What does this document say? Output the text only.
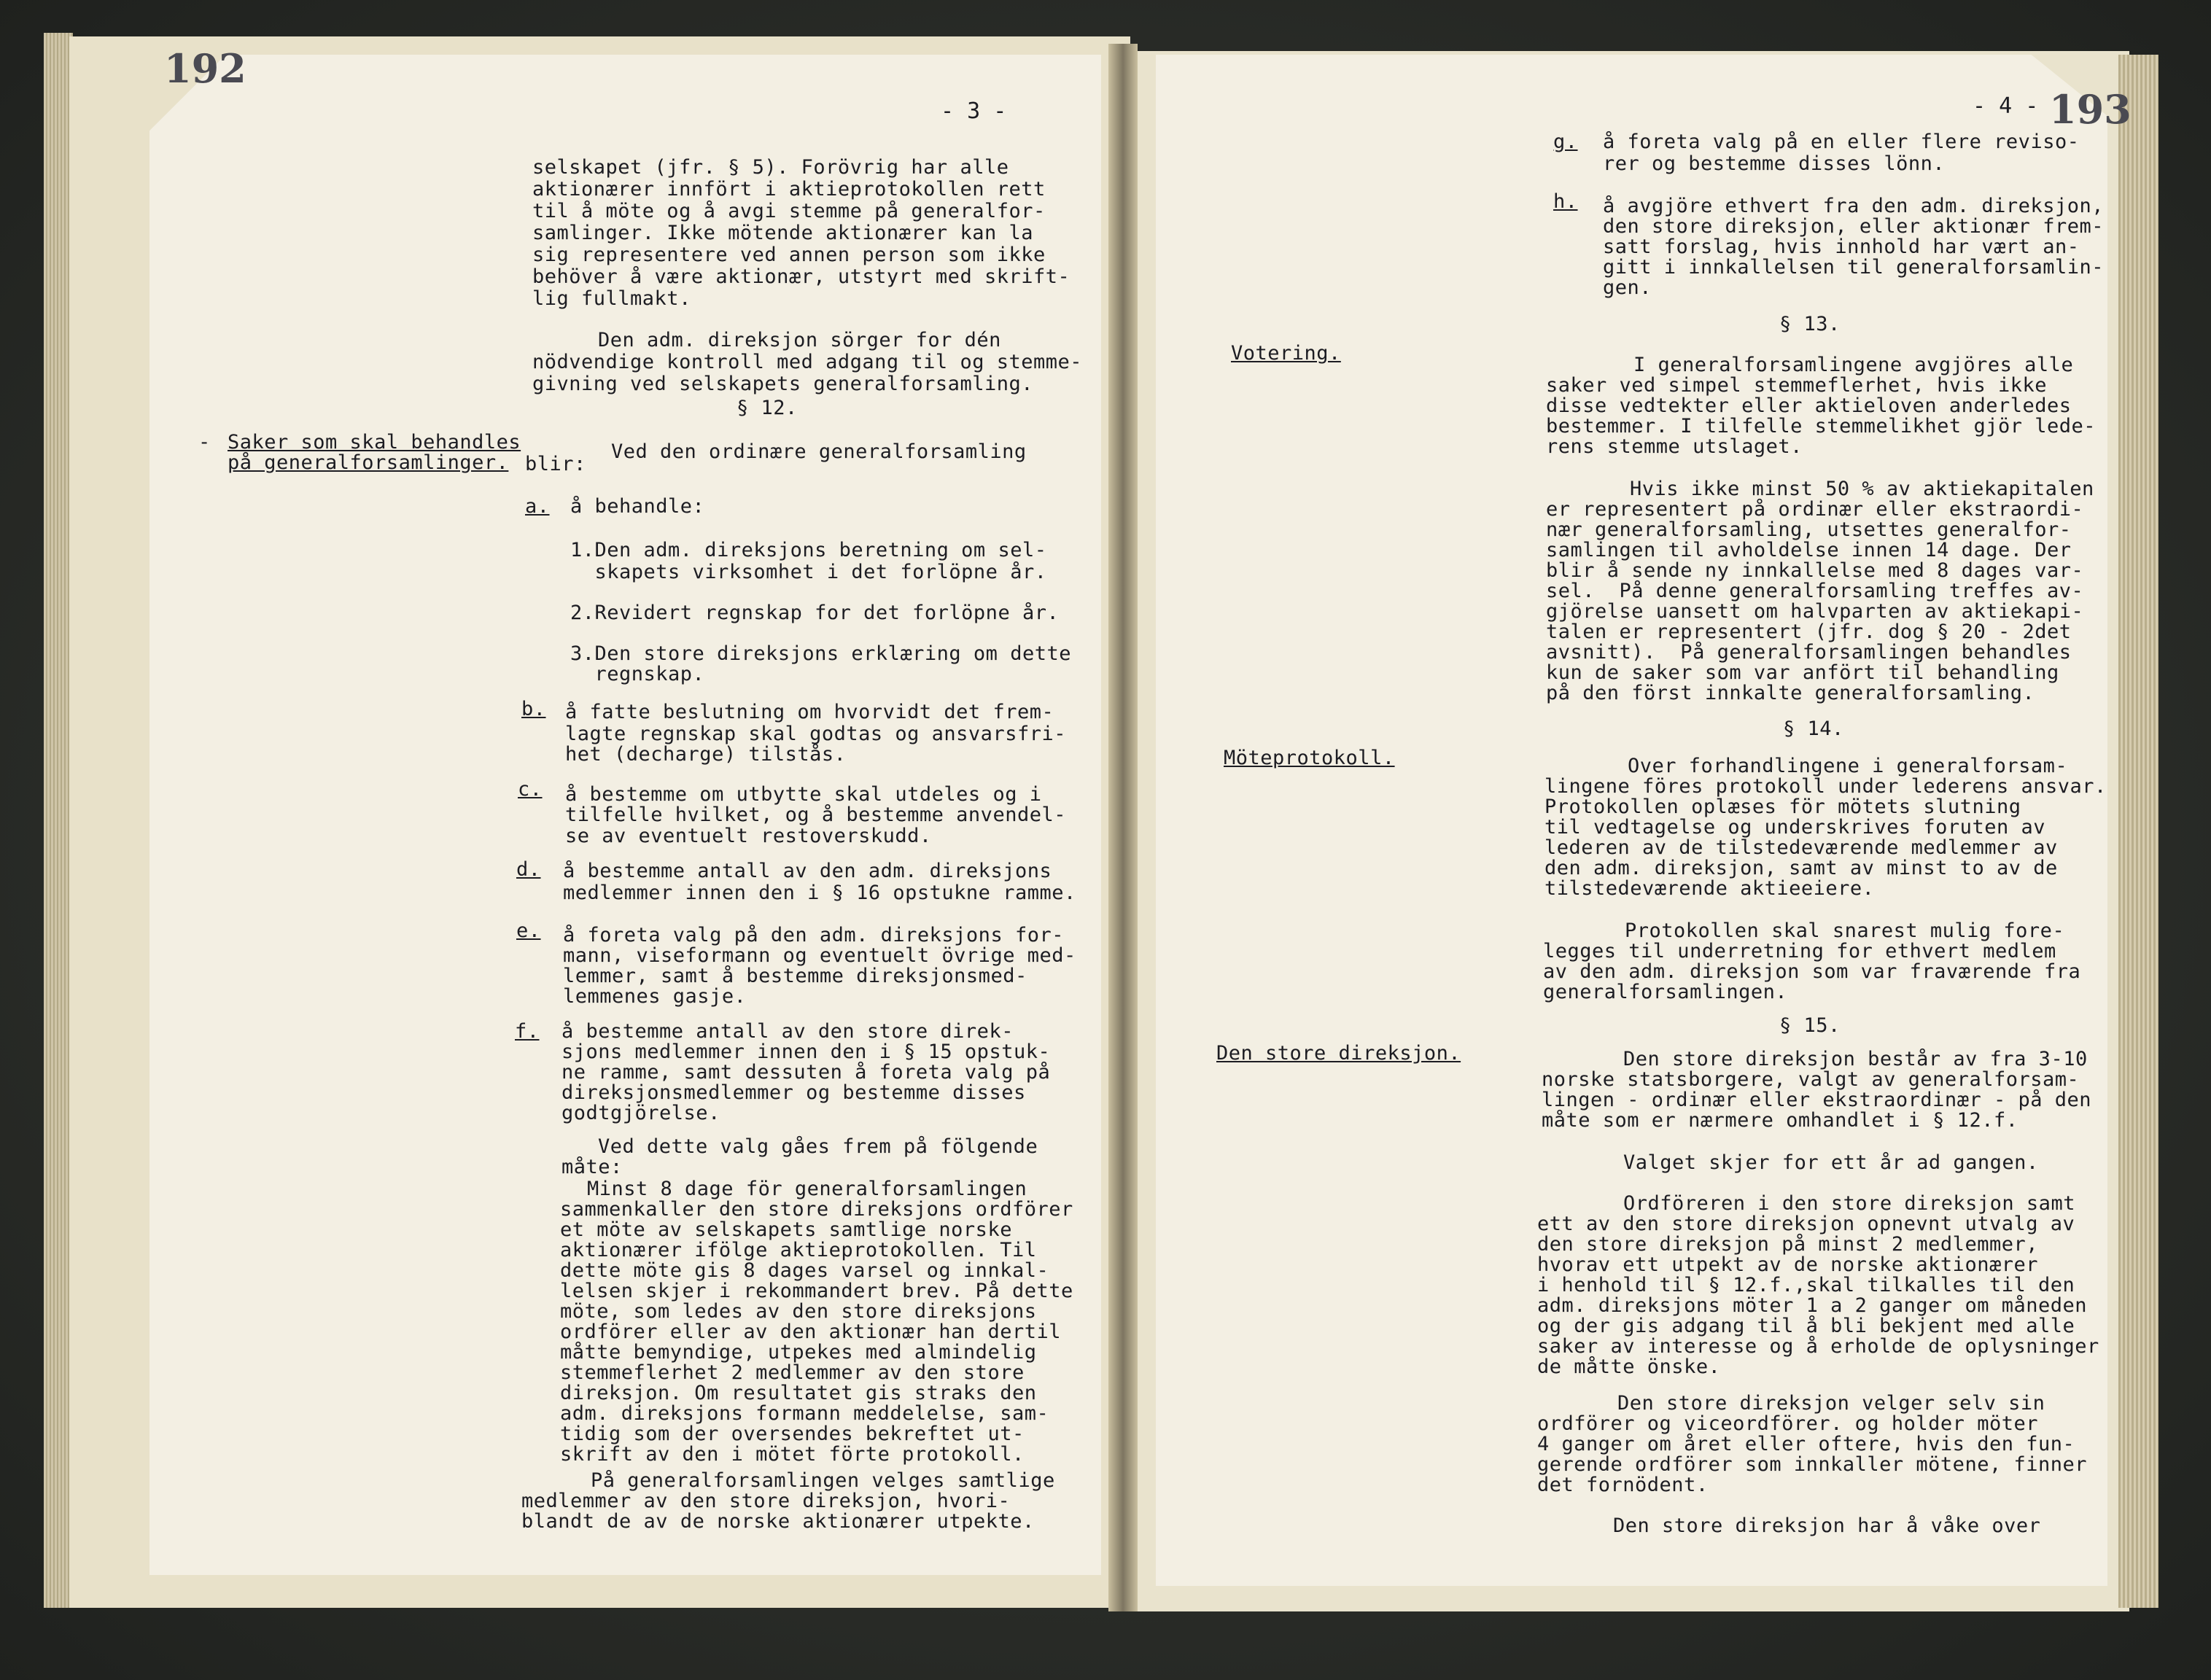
192
- 3 -
selskapet (jfr. § 5). Forövrig har alle
aktionærer innfört i aktieprotokollen rett
til å möte og å avgi stemme på generalfor-
samlinger. Ikke mötende aktionærer kan la
sig representere ved annen person som ikke
behöver å være aktionær, utstyrt med skrift-
lig fullmakt.
Den adm. direksjon sörger for dén
nödvendige kontroll med adgang til og stemme-
givning ved selskapets generalforsamling.
§ 12.
- Saker som skal behandles
på generalforsamlinger.	Ved den ordinære generalforsamling
blir:
a. å behandle:
1.Den adm. direksjons beretning om sel-
skapets virksomhet i det forlöpne år.
2.Revidert regnskap for det forlöpne år.
3.Den store direksjons erklæring om dette
regnskap.
b. å fatte beslutning om hvorvidt det frem-
lagte regnskap skal godtas og ansvarsfri-
het (decharge) tilstås.
c. å bestemme om utbytte skal utdeles og i
tilfelle hvilket, og å bestemme anvendel-
se av eventuelt restoverskudd.
d. å bestemme antall av den adm. direksjons
medlemmer innen den i § 16 opstukne ramme.
e. å foreta valg på den adm. direksjons for-
mann, viseformann og eventuelt övrige med-
lemmer, samt å bestemme direksjonsmed-
lemmenes gasje.
f. å bestemme antall av den store direk-
sjons medlemmer innen den i § 15 opstuk-
ne ramme, samt dessuten å foreta valg på
direksjonsmedlemmer og bestemme disses
godtgjörelse.
Ved dette valg gåes frem på fölgende
måte:
Minst 8 dage för generalforsamlingen
sammenkaller den store direksjons ordförer
et möte av selskapets samtlige norske
aktionærer ifölge aktieprotokollen. Til
dette möte gis 8 dages varsel og innkal-
lelsen skjer i rekommandert brev. På dette
möte, som ledes av den store direksjons
ordförer eller av den aktionær han dertil
måtte bemyndige, utpekes med almindelig
stemmeflerhet 2 medlemmer av den store
direksjon. Om resultatet gis straks den
adm. direksjons formann meddelelse, sam-
tidig som der oversendes bekreftet ut-
skrift av den i mötet förte protokoll.
På generalforsamlingen velges samtlige
medlemmer av den store direksjon, hvori-
blandt de av de norske aktionærer utpekte.
193
- 4 -
g. å foreta valg på en eller flere reviso-
rer og bestemme disses lönn.
h. å avgjöre ethvert fra den adm. direksjon,
den store direksjon, eller aktionær frem-
satt forslag, hvis innhold har vært an-
gitt i innkallelsen til generalforsamlin-
gen.
§ 13.
Votering.
I generalforsamlingene avgjöres alle
saker ved simpel stemmeflerhet, hvis ikke
disse vedtekter eller aktieloven anderledes
bestemmer. I tilfelle stemmelikhet gjör lede-
rens stemme utslaget.
Hvis ikke minst 50 % av aktiekapitalen
er representert på ordinær eller ekstraordi-
nær generalforsamling, utsettes generalfor-
samlingen til avholdelse innen 14 dage. Der
blir å sende ny innkallelse med 8 dages var-
sel.  På denne generalforsamling treffes av-
gjörelse uansett om halvparten av aktiekapi-
talen er representert (jfr. dog § 20 - 2det
avsnitt).  På generalforsamlingen behandles
kun de saker som var anfört til behandling
på den först innkalte generalforsamling.
§ 14.
Möteprotokoll.	Over forhandlingene i generalforsam-
lingene föres protokoll under lederens ansvar.
Protokollen oplæses för mötets slutning
til vedtagelse og underskrives foruten av
lederen av de tilstedeværende medlemmer av
den adm. direksjon, samt av minst to av de
tilstedeværende aktieeiere.
Protokollen skal snarest mulig fore-
legges til underretning for ethvert medlem
av den adm. direksjon som var fraværende fra
generalforsamlingen.
§ 15.
Den store direksjon.	Den store direksjon består av fra 3-10
norske statsborgere, valgt av generalforsam-
lingen - ordinær eller ekstraordinær - på den
måte som er nærmere omhandlet i § 12.f.
Valget skjer for ett år ad gangen.
Ordföreren i den store direksjon samt
ett av den store direksjon opnevnt utvalg av
den store direksjon på minst 2 medlemmer,
hvorav ett utpekt av de norske aktionærer
i henhold til § 12.f.,skal tilkalles til den
adm. direksjons möter 1 a 2 ganger om måneden
og der gis adgang til å bli bekjent med alle
saker av interesse og å erholde de oplysninger
de måtte önske.
Den store direksjon velger selv sin
ordförer og viceordförer. og holder möter
4 ganger om året eller oftere, hvis den fun-
gerende ordförer som innkaller mötene, finner
det fornödent.
Den store direksjon har å våke over
